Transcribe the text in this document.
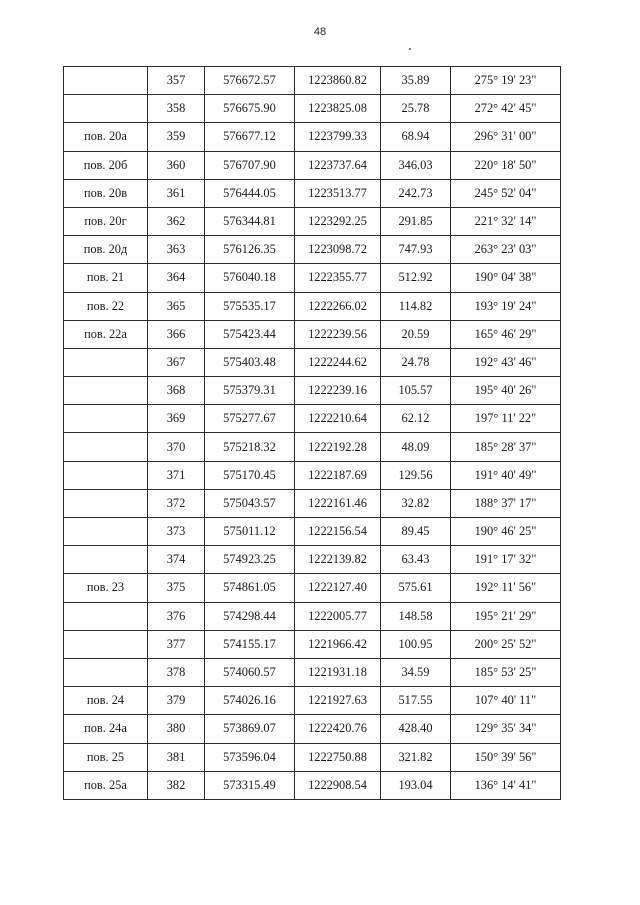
48
	357	576672.57	1223860.82	35.89	275° 19' 23"
	358	576675.90	1223825.08	25.78	272° 42' 45"
пов. 20а	359	576677.12	1223799.33	68.94	296° 31' 00"
пов. 20б	360	576707.90	1223737.64	346.03	220° 18' 50"
пов. 20в	361	576444.05	1223513.77	242.73	245° 52' 04"
пов. 20г	362	576344.81	1223292.25	291.85	221° 32' 14"
пов. 20д	363	576126.35	1223098.72	747.93	263° 23' 03"
пов. 21	364	576040.18	1222355.77	512.92	190° 04' 38"
пов. 22	365	575535.17	1222266.02	114.82	193° 19' 24"
пов. 22а	366	575423.44	1222239.56	20.59	165° 46' 29"
	367	575403.48	1222244.62	24.78	192° 43' 46"
	368	575379.31	1222239.16	105.57	195° 40' 26"
	369	575277.67	1222210.64	62.12	197° 11' 22"
	370	575218.32	1222192.28	48.09	185° 28' 37"
	371	575170.45	1222187.69	129.56	191° 40' 49"
	372	575043.57	1222161.46	32.82	188° 37' 17"
	373	575011.12	1222156.54	89.45	190° 46' 25"
	374	574923.25	1222139.82	63.43	191° 17' 32"
пов. 23	375	574861.05	1222127.40	575.61	192° 11' 56"
	376	574298.44	1222005.77	148.58	195° 21' 29"
	377	574155.17	1221966.42	100.95	200° 25' 52"
	378	574060.57	1221931.18	34.59	185° 53' 25"
пов. 24	379	574026.16	1221927.63	517.55	107° 40' 11"
пов. 24а	380	573869.07	1222420.76	428.40	129° 35' 34"
пов. 25	381	573596.04	1222750.88	321.82	150° 39' 56"
пов. 25а	382	573315.49	1222908.54	193.04	136° 14' 41"
